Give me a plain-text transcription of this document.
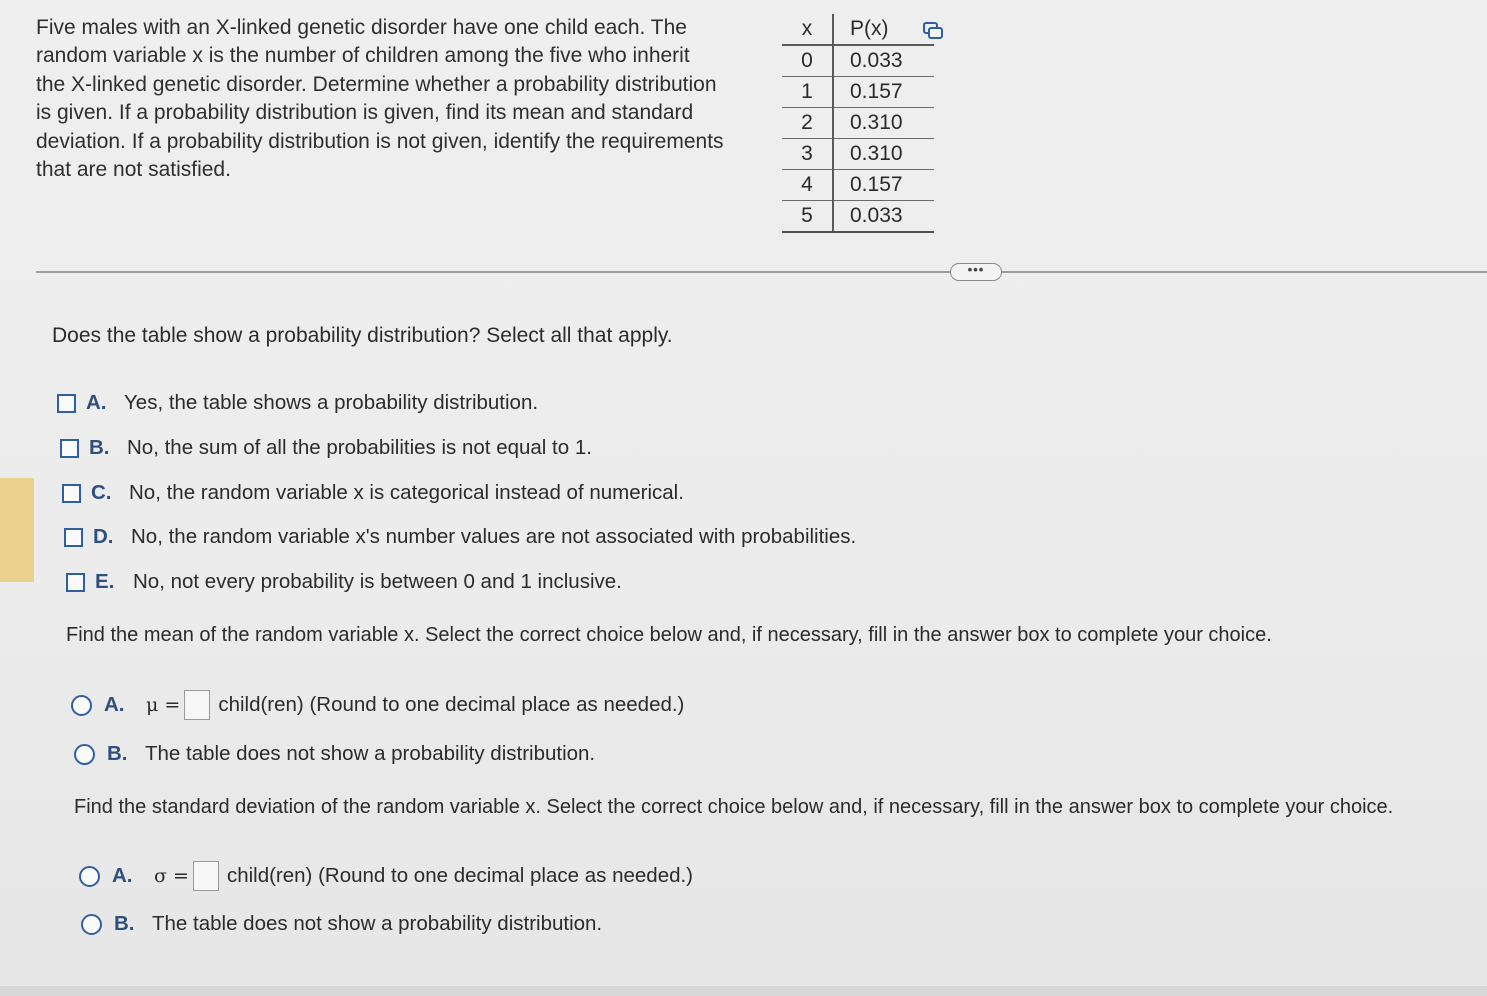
Five males with an X-linked genetic disorder have one child each. The
random variable x is the number of children among the five who inherit
the X-linked genetic disorder. Determine whether a probability distribution
is given. If a probability distribution is given, find its mean and standard
deviation. If a probability distribution is not given, identify the requirements
that are not satisfied.
x	P(x)
0	0.033
1	0.157
2	0.310
3	0.310
4	0.157
5	0.033
•••
Does the table show a probability distribution? Select all that apply.
A. Yes, the table shows a probability distribution.
B. No, the sum of all the probabilities is not equal to 1.
C. No, the random variable x is categorical instead of numerical.
D. No, the random variable x's number values are not associated with probabilities.
E. No, not every probability is between 0 and 1 inclusive.
Find the mean of the random variable x. Select the correct choice below and, if necessary, fill in the answer box to complete your choice.
A. μ = child(ren) (Round to one decimal place as needed.)
B. The table does not show a probability distribution.
Find the standard deviation of the random variable x. Select the correct choice below and, if necessary, fill in the answer box to complete your choice.
A. σ = child(ren) (Round to one decimal place as needed.)
B. The table does not show a probability distribution.
